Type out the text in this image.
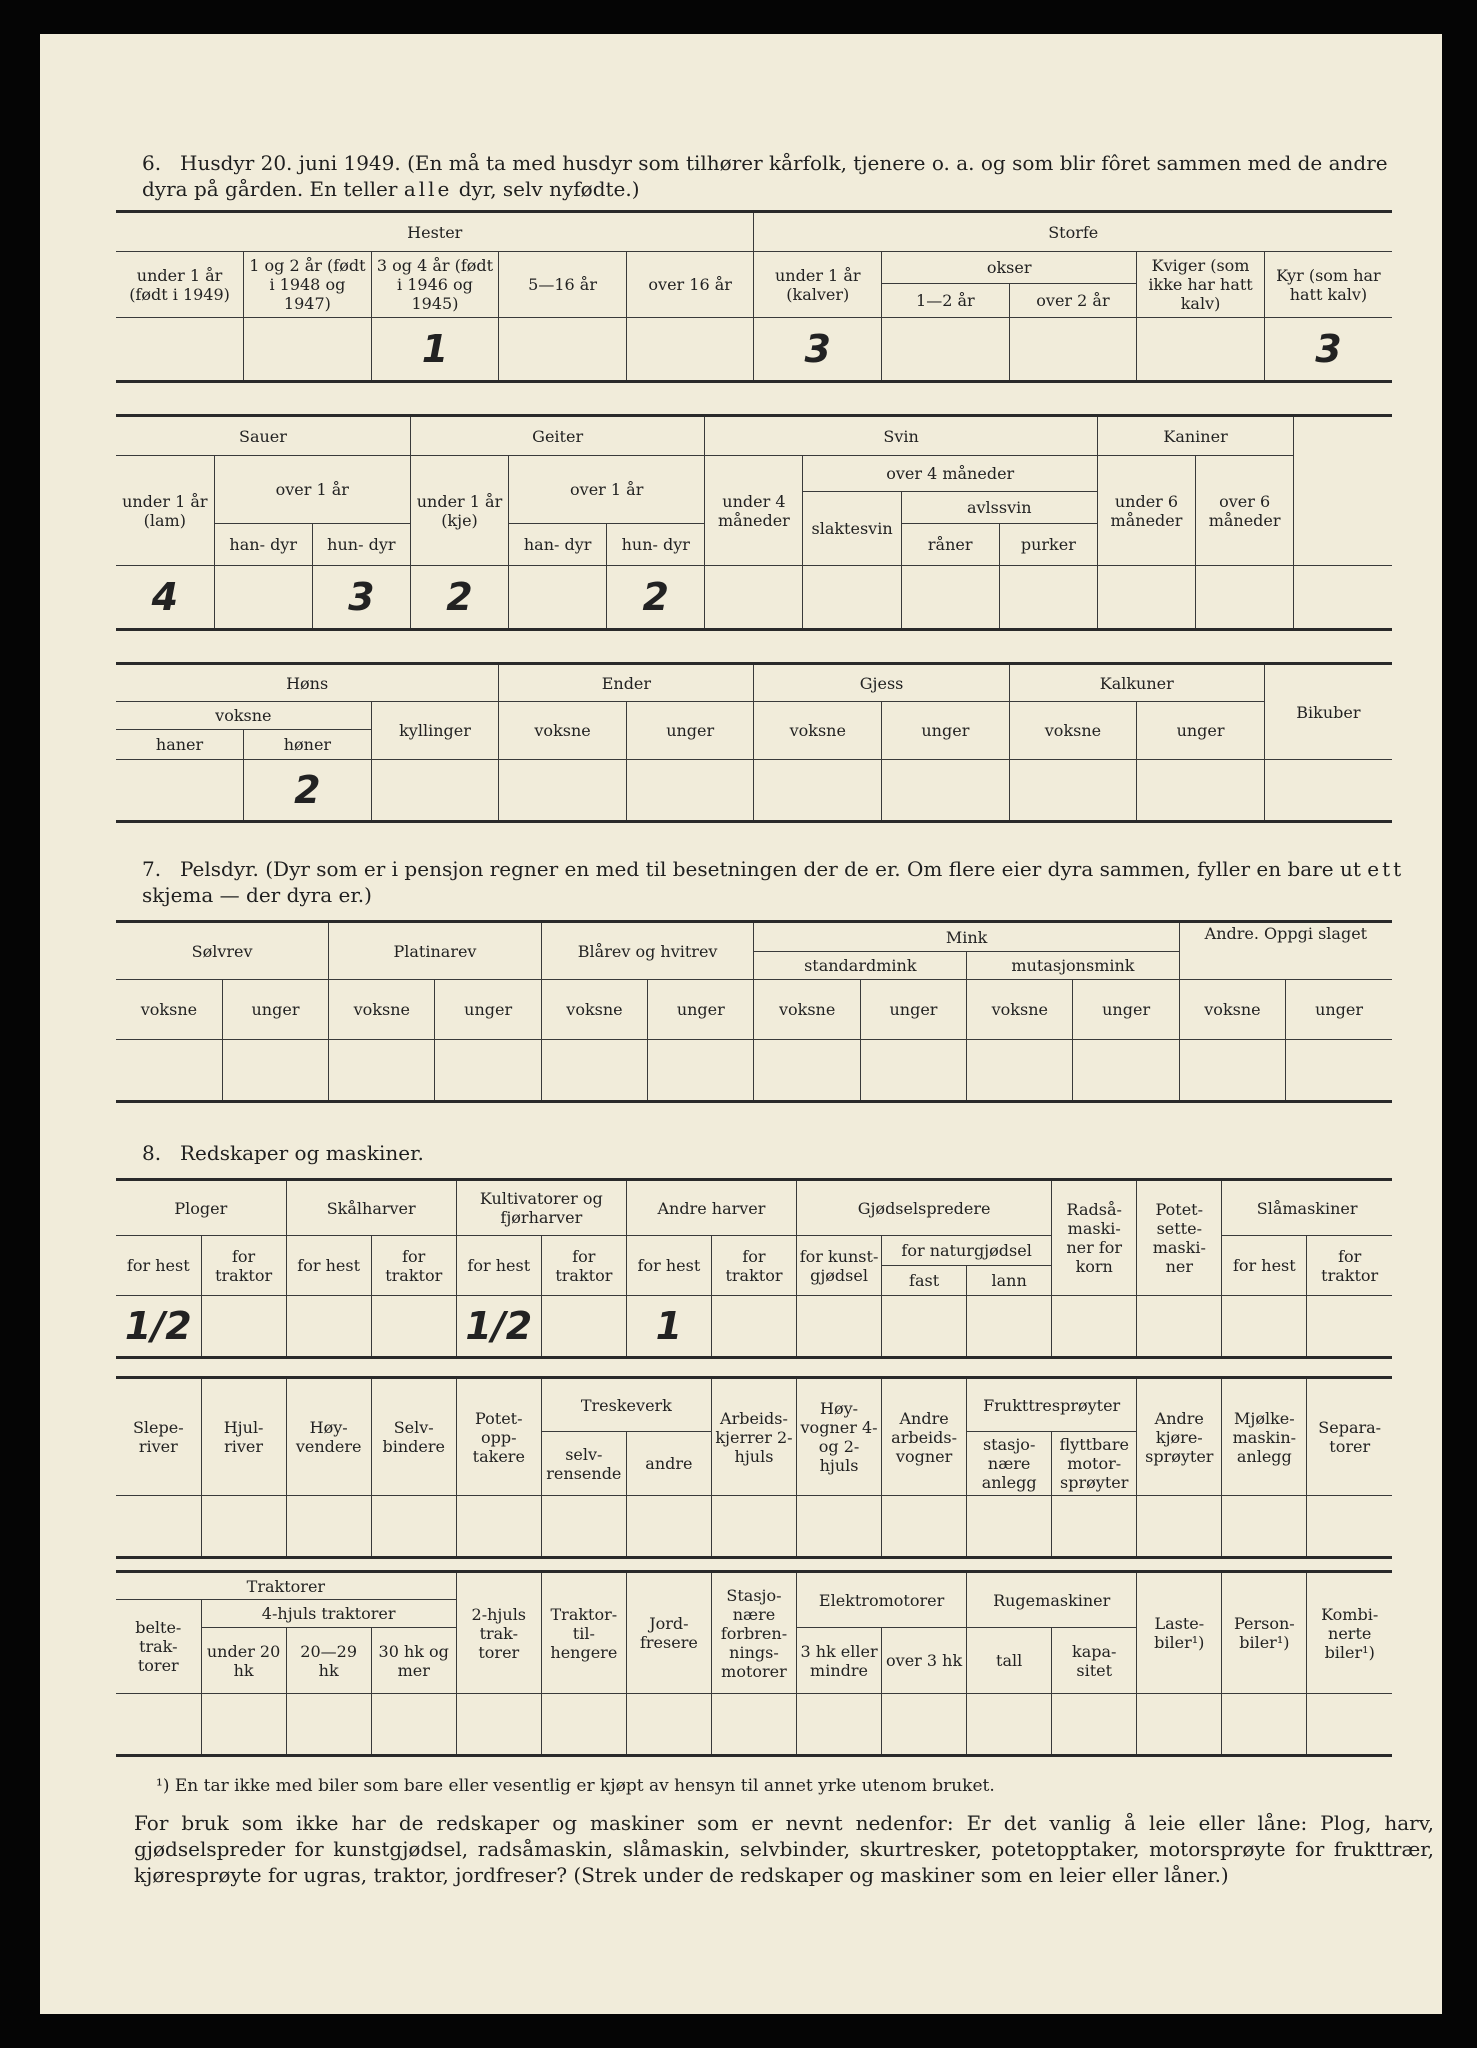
6. Husdyr 20. juni 1949. (En må ta med husdyr som tilhører kårfolk, tjenere o. a. og som blir fôret sammen med de andre dyra på gården. En teller alle dyr, selv nyfødte.)
Hester					Storfe				
under 1 år (født i 1949)	1 og 2 år (født i 1948 og 1947)	3 og 4 år (født i 1946 og 1945)	5—16 år	over 16 år	under 1 år (kalver)	okser		Kviger (som ikke har hatt kalv)	Kyr (som har hatt kalv)
						1—2 år	over 2 år		
		1			3				3
Sauer			Geiter			Svin				Kaniner		
under 1 år (lam)	over 1 år		under 1 år (kje)	over 1 år		under 4 måneder	over 4 måneder			under 6 måneder	over 6 måneder	
							slaktesvin	avlssvin				
	han- dyr	hun- dyr		han- dyr	hun- dyr			råner	purker			
4		3	2		2							
Høns			Ender		Gjess		Kalkuner		Bikuber
voksne		kyllinger	voksne	unger	voksne	unger	voksne	unger	
haner	høner								
	2								
7. Pelsdyr. (Dyr som er i pensjon regner en med til besetningen der de er. Om flere eier dyra sammen, fyller en bare ut ett skjema — der dyra er.)
Sølvrev		Platinarev		Blårev og hvitrev		Mink				Andre. Oppgi slaget	
						standardmink		mutasjonsmink			
voksne	unger	voksne	unger	voksne	unger	voksne	unger	voksne	unger	voksne	unger

8. Redskaper og maskiner.
Ploger		Skålharver		Kultivatorer og fjørharver		Andre harver		Gjødselspredere			Radså- maski- ner for korn	Potet- sette- maski- ner	Slåmaskiner	
for hest	for traktor	for hest	for traktor	for hest	for traktor	for hest	for traktor	for kunst- gjødsel	for naturgjødsel				for hest	for traktor
									fast	lann				
1/2				1/2		1								
Slepe- river	Hjul- river	Høy- vendere	Selv- bindere	Potet- opp- takere	Treskeverk		Arbeids- kjerrer 2-hjuls	Høy- vogner 4- og 2- hjuls	Andre arbeids- vogner	Frukttresprøyter		Andre kjøre- sprøyter	Mjølke- maskin- anlegg	Separa- torer
					selv- rensende	andre				stasjo- nære anlegg	flyttbare motor- sprøyter			

Traktorer				2-hjuls trak- torer	Traktor- til- hengere	Jord- fresere	Stasjo- nære forbren- nings- motorer	Elektromotorer		Rugemaskiner		Laste- biler¹)	Person- biler¹)	Kombi- nerte biler¹)
belte- trak- torer	4-hjuls traktorer													
	under 20 hk	20—29 hk	30 hk og mer					3 hk eller mindre	over 3 hk	tall	kapa- sitet			

¹) En tar ikke med biler som bare eller vesentlig er kjøpt av hensyn til annet yrke utenom bruket.
For bruk som ikke har de redskaper og maskiner som er nevnt nedenfor: Er det vanlig å leie eller låne: Plog, harv, gjødselspreder for kunstgjødsel, radsåmaskin, slåmaskin, selvbinder, skurtresker, potetopptaker, motorsprøyte for frukttrær, kjøresprøyte for ugras, traktor, jordfreser? (Strek under de redskaper og maskiner som en leier eller låner.)
